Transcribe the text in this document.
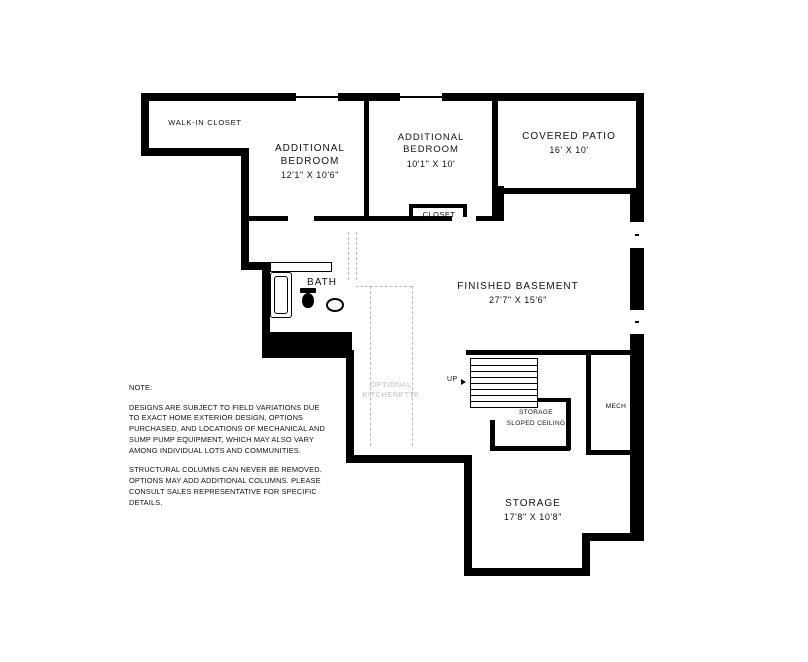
OPTIONAL KITCHENETTE
UP
WALK-IN CLOSET
ADDITIONAL BEDROOM
12'1" X 10'6"
ADDITIONAL BEDROOM
10'1" X 10'
COVERED PATIO
16' X 10'
CLOSET
BATH	FINISHED BASEMENT
27'7" X 15'6"
STORAGE
SLOPED CEILING
MECH
STORAGE
17'8" X 10'8"

NOTE:

DESIGNS ARE SUBJECT TO FIELD VARIATIONS DUE TO EXACT HOME EXTERIOR DESIGN, OPTIONS PURCHASED, AND LOCATIONS OF MECHANICAL AND SUMP PUMP EQUIPMENT, WHICH MAY ALSO VARY AMONG INDIVIDUAL LOTS AND COMMUNITIES.

STRUCTURAL COLUMNS CAN NEVER BE REMOVED. OPTIONS MAY ADD ADDITIONAL COLUMNS. PLEASE CONSULT SALES REPRESENTATIVE FOR SPECIFIC DETAILS.
